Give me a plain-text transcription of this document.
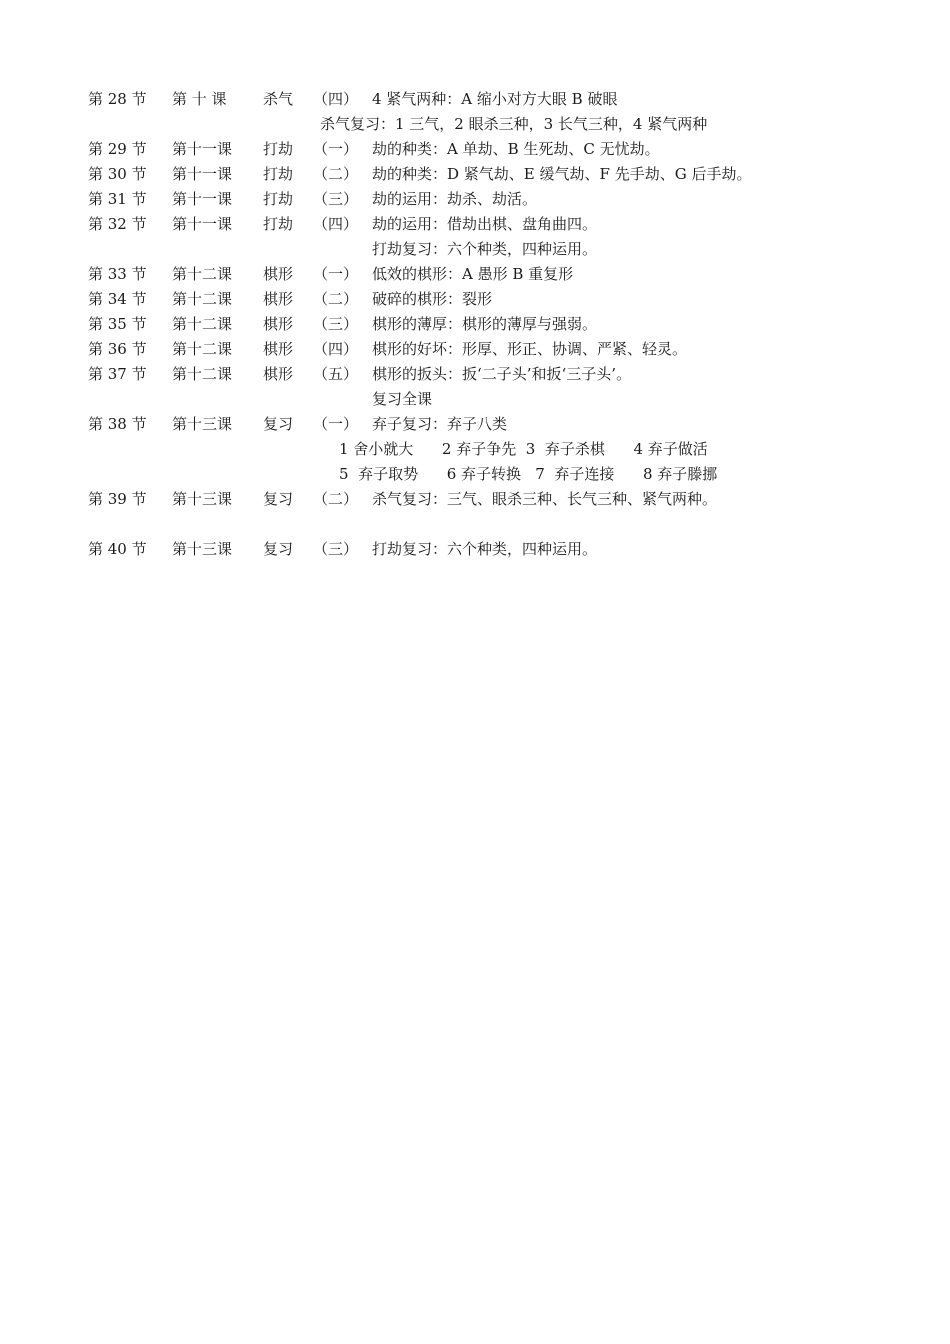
第 28 节 第 十 课 杀气 （四） 4 紧气两种：A 缩小对方大眼 B 破眼
杀气复习：1 三气，2 眼杀三种，3 长气三种，4 紧气两种
第 29 节 第十一课 打劫 （一） 劫的种类：A 单劫、B 生死劫、C 无忧劫。
第 30 节 第十一课 打劫 （二） 劫的种类：D 紧气劫、E 缓气劫、F 先手劫、G 后手劫。
第 31 节 第十一课 打劫 （三） 劫的运用：劫杀、劫活。
第 32 节 第十一课 打劫 （四） 劫的运用：借劫出棋、盘角曲四。
打劫复习：六个种类，四种运用。
第 33 节 第十二课 棋形 （一） 低效的棋形：A 愚形 B 重复形
第 34 节 第十二课 棋形 （二） 破碎的棋形：裂形
第 35 节 第十二课 棋形 （三） 棋形的薄厚：棋形的薄厚与强弱。
第 36 节 第十二课 棋形 （四） 棋形的好坏：形厚、形正、协调、严紧、轻灵。
第 37 节 第十二课 棋形 （五） 棋形的扳头：扳‘二子头’和扳‘三子头’。
复习全课
第 38 节 第十三课 复习 （一） 弃子复习：弃子八类
1 舍小就大      2 弃子争先  3  弃子杀棋      4 弃子做活
5  弃子取势      6 弃子转换   7  弃子连接      8 弃子滕挪
第 39 节 第十三课 复习 （二） 杀气复习：三气、眼杀三种、长气三种、紧气两种。
第 40 节 第十三课 复习 （三） 打劫复习：六个种类，四种运用。
